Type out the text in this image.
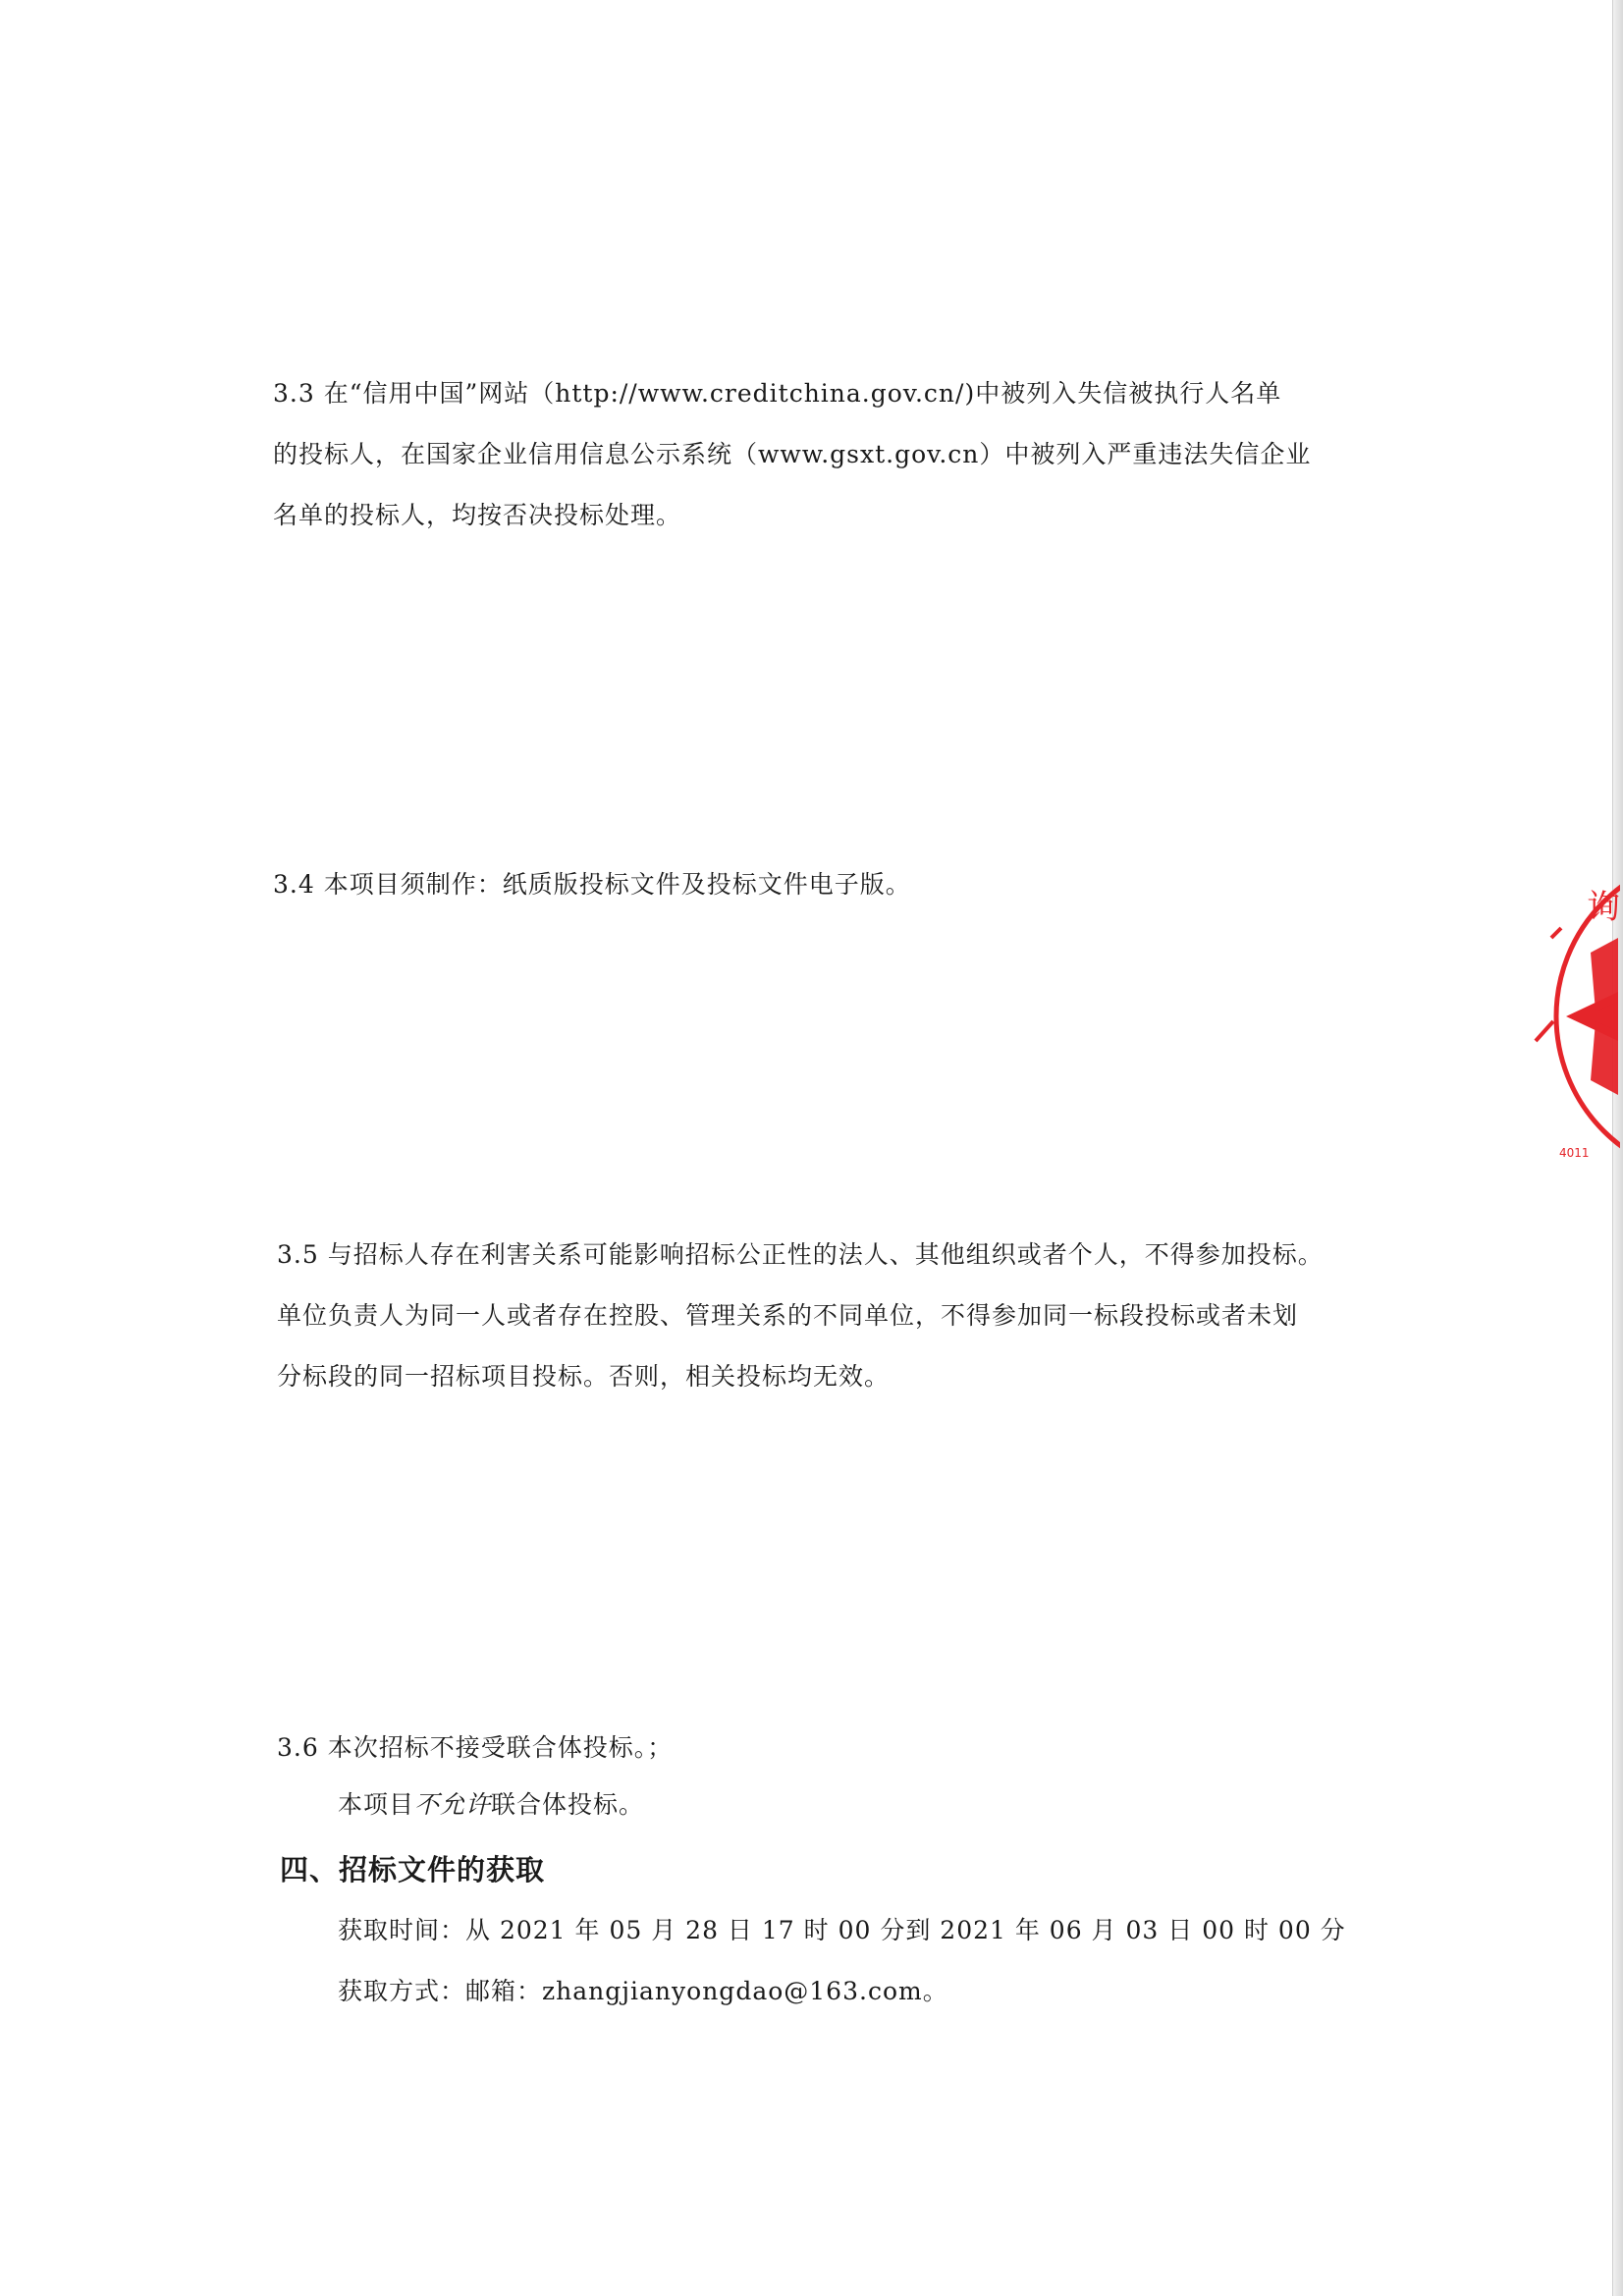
3.3 在“信用中国”网站（http://www.creditchina.gov.cn/)中被列入失信被执行人名单
的投标人，在国家企业信用信息公示系统（www.gsxt.gov.cn）中被列入严重违法失信企业
名单的投标人，均按否决投标处理。
3.4 本项目须制作：纸质版投标文件及投标文件电子版。
3.5 与招标人存在利害关系可能影响招标公正性的法人、其他组织或者个人，不得参加投标。
单位负责人为同一人或者存在控股、管理关系的不同单位，不得参加同一标段投标或者未划
分标段的同一招标项目投标。否则，相关投标均无效。
3.6 本次招标不接受联合体投标。；
本项目不允许联合体投标。
四、招标文件的获取
获取时间：从 2021 年 05 月 28 日 17 时 00 分到 2021 年 06 月 03 日 00 时 00 分
获取方式：邮箱：zhangjianyongdao@163.com。
询
4011
